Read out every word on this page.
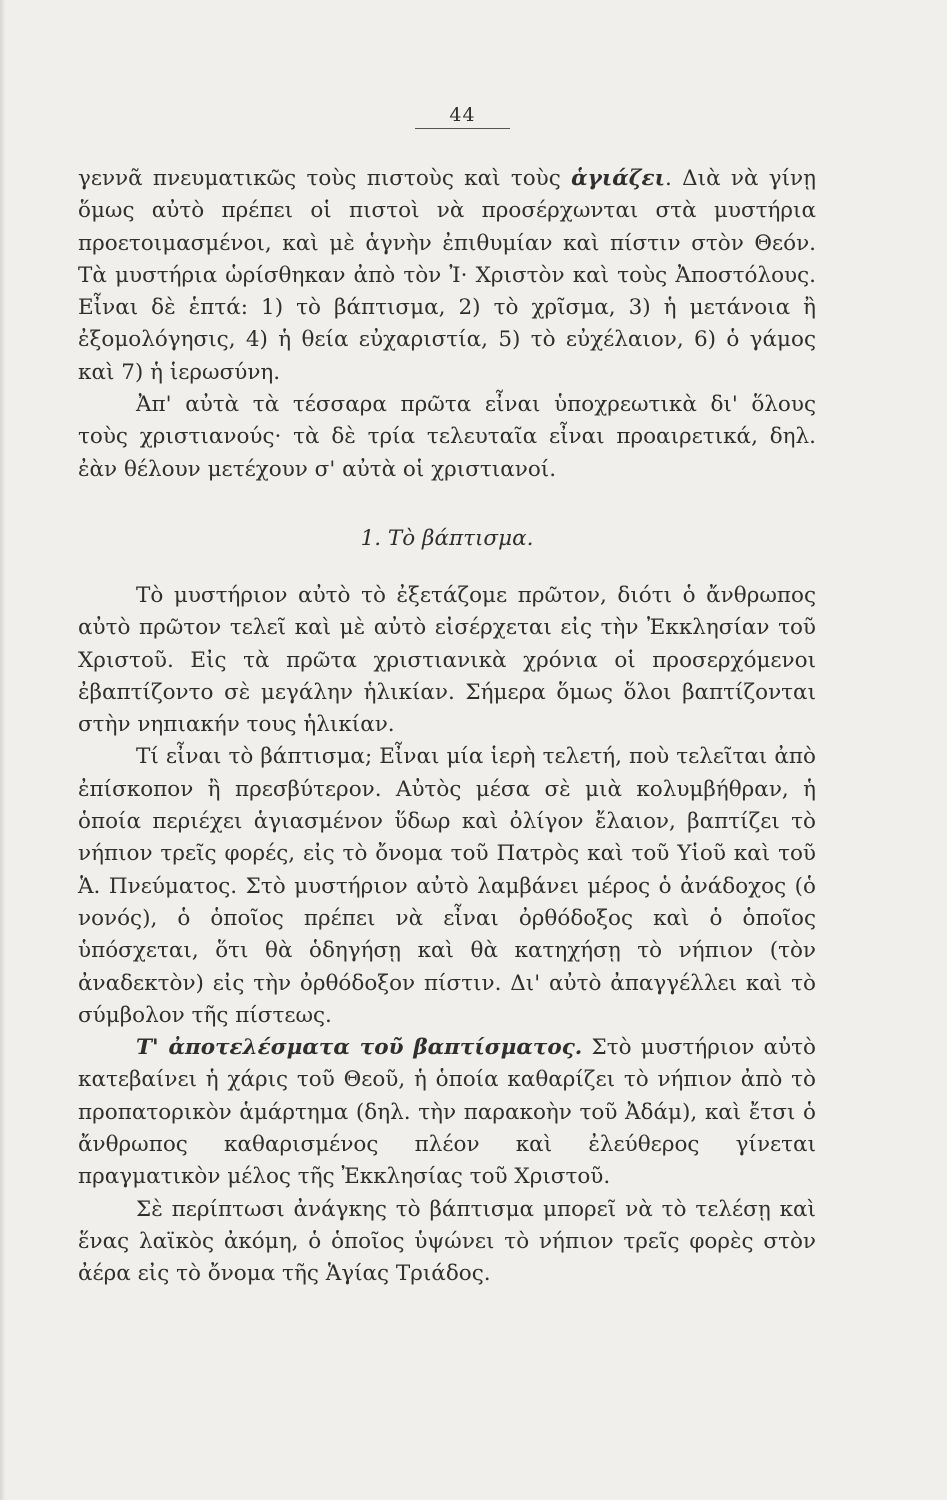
44

γεννᾶ πνευματικῶς τοὺς πιστοὺς καὶ τοὺς ἁγιάζει. Διὰ νὰ γίνῃ ὅμως αὐτὸ πρέπει οἱ πιστοὶ νὰ προσέρχωνται στὰ μυστήρια προετοιμασμένοι, καὶ μὲ ἁγνὴν ἐπιθυμίαν καὶ πίστιν στὸν Θεόν. Τὰ μυστήρια ὡρίσθηκαν ἀπὸ τὸν Ἰ· Χριστὸν καὶ τοὺς Ἀποστόλους. Εἶναι δὲ ἑπτά: 1) τὸ βάπτισμα, 2) τὸ χρῖσμα, 3) ἡ μετάνοια ἢ ἐξομολόγησις, 4) ἡ θεία εὐχαριστία, 5) τὸ εὐχέλαιον, 6) ὁ γάμος καὶ 7) ἡ ἱερωσύνη.

Ἀπ' αὐτὰ τὰ τέσσαρα πρῶτα εἶναι ὑποχρεωτικὰ δι' ὅλους τοὺς χριστιανούς· τὰ δὲ τρία τελευταῖα εἶναι προαιρετικά, δηλ. ἐὰν θέλουν μετέχουν σ' αὐτὰ οἱ χριστιανοί.

1. Τὸ βάπτισμα.

Τὸ μυστήριον αὐτὸ τὸ ἐξετάζομε πρῶτον, διότι ὁ ἄνθρωπος αὐτὸ πρῶτον τελεῖ καὶ μὲ αὐτὸ εἰσέρχεται εἰς τὴν Ἐκκλησίαν τοῦ Χριστοῦ. Εἰς τὰ πρῶτα χριστιανικὰ χρόνια οἱ προσερχόμενοι ἐβαπτίζοντο σὲ μεγάλην ἡλικίαν. Σήμερα ὅμως ὅλοι βαπτίζονται στὴν νηπιακήν τους ἡλικίαν.

Τί εἶναι τὸ βάπτισμα; Εἶναι μία ἱερὴ τελετή, ποὺ τελεῖται ἀπὸ ἐπίσκοπον ἢ πρεσβύτερον. Αὐτὸς μέσα σὲ μιὰ κολυμβήθραν, ἡ ὁποία περιέχει ἁγιασμένον ὕδωρ καὶ ὀλίγον ἔλαιον, βαπτίζει τὸ νήπιον τρεῖς φορές, εἰς τὸ ὄνομα τοῦ Πατρὸς καὶ τοῦ Υἱοῦ καὶ τοῦ Ἁ. Πνεύματος. Στὸ μυστήριον αὐτὸ λαμβάνει μέρος ὁ ἀνάδοχος (ὁ νονός), ὁ ὁποῖος πρέπει νὰ εἶναι ὀρθόδοξος καὶ ὁ ὁποῖος ὑπόσχεται, ὅτι θὰ ὁδηγήσῃ καὶ θὰ κατηχήσῃ τὸ νήπιον (τὸν ἀναδεκτὸν) εἰς τὴν ὀρθόδοξον πίστιν. Δι' αὐτὸ ἀπαγγέλλει καὶ τὸ σύμβολον τῆς πίστεως.

Τ' ἀποτελέσματα τοῦ βαπτίσματος. Στὸ μυστήριον αὐτὸ κατεβαίνει ἡ χάρις τοῦ Θεοῦ, ἡ ὁποία καθαρίζει τὸ νήπιον ἀπὸ τὸ προπατορικὸν ἁμάρτημα (δηλ. τὴν παρακοὴν τοῦ Ἀδάμ), καὶ ἔτσι ὁ ἄνθρωπος καθαρισμένος πλέον καὶ ἐλεύθερος γίνεται πραγματικὸν μέλος τῆς Ἐκκλησίας τοῦ Χριστοῦ.

Σὲ περίπτωσι ἀνάγκης τὸ βάπτισμα μπορεῖ νὰ τὸ τελέσῃ καὶ ἕνας λαϊκὸς ἀκόμη, ὁ ὁποῖος ὑψώνει τὸ νήπιον τρεῖς φορὲς στὸν ἀέρα εἰς τὸ ὄνομα τῆς Ἁγίας Τριάδος.
